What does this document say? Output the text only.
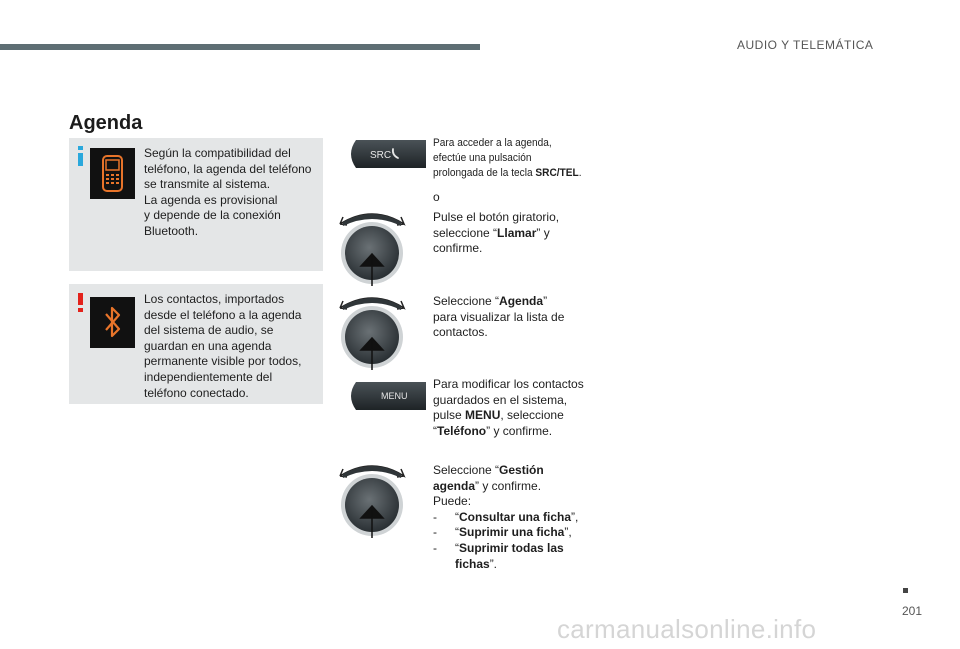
AUDIO Y TELEMÁTICA
Agenda

Según la compatibilidad del

teléfono, la agenda del teléfono

se transmite al sistema.

La agenda es provisional

y depende de la conexión

Bluetooth.

Los contactos, importados

desde el teléfono a la agenda

del sistema de audio, se

guardan en una agenda

permanente visible por todos,

independientemente del

teléfono conectado.

SRC

Para acceder a la agenda,

efectúe una pulsación

prolongada de la tecla SRC/TEL.

o

Pulse el botón giratorio,

seleccione “Llamar” y

confirme.

Seleccione “Agenda”

para visualizar la lista de

contactos.

MENU

Para modificar los contactos

guardados en el sistema,

pulse MENU, seleccione

“Teléfono” y confirme.

Seleccione “Gestión

agenda” y confirme.

Puede:

-	“Consultar una ficha”,
-	“Suprimir una ficha”,
-	“Suprimir todas las
fichas”.
201
carmanualsonline.info
